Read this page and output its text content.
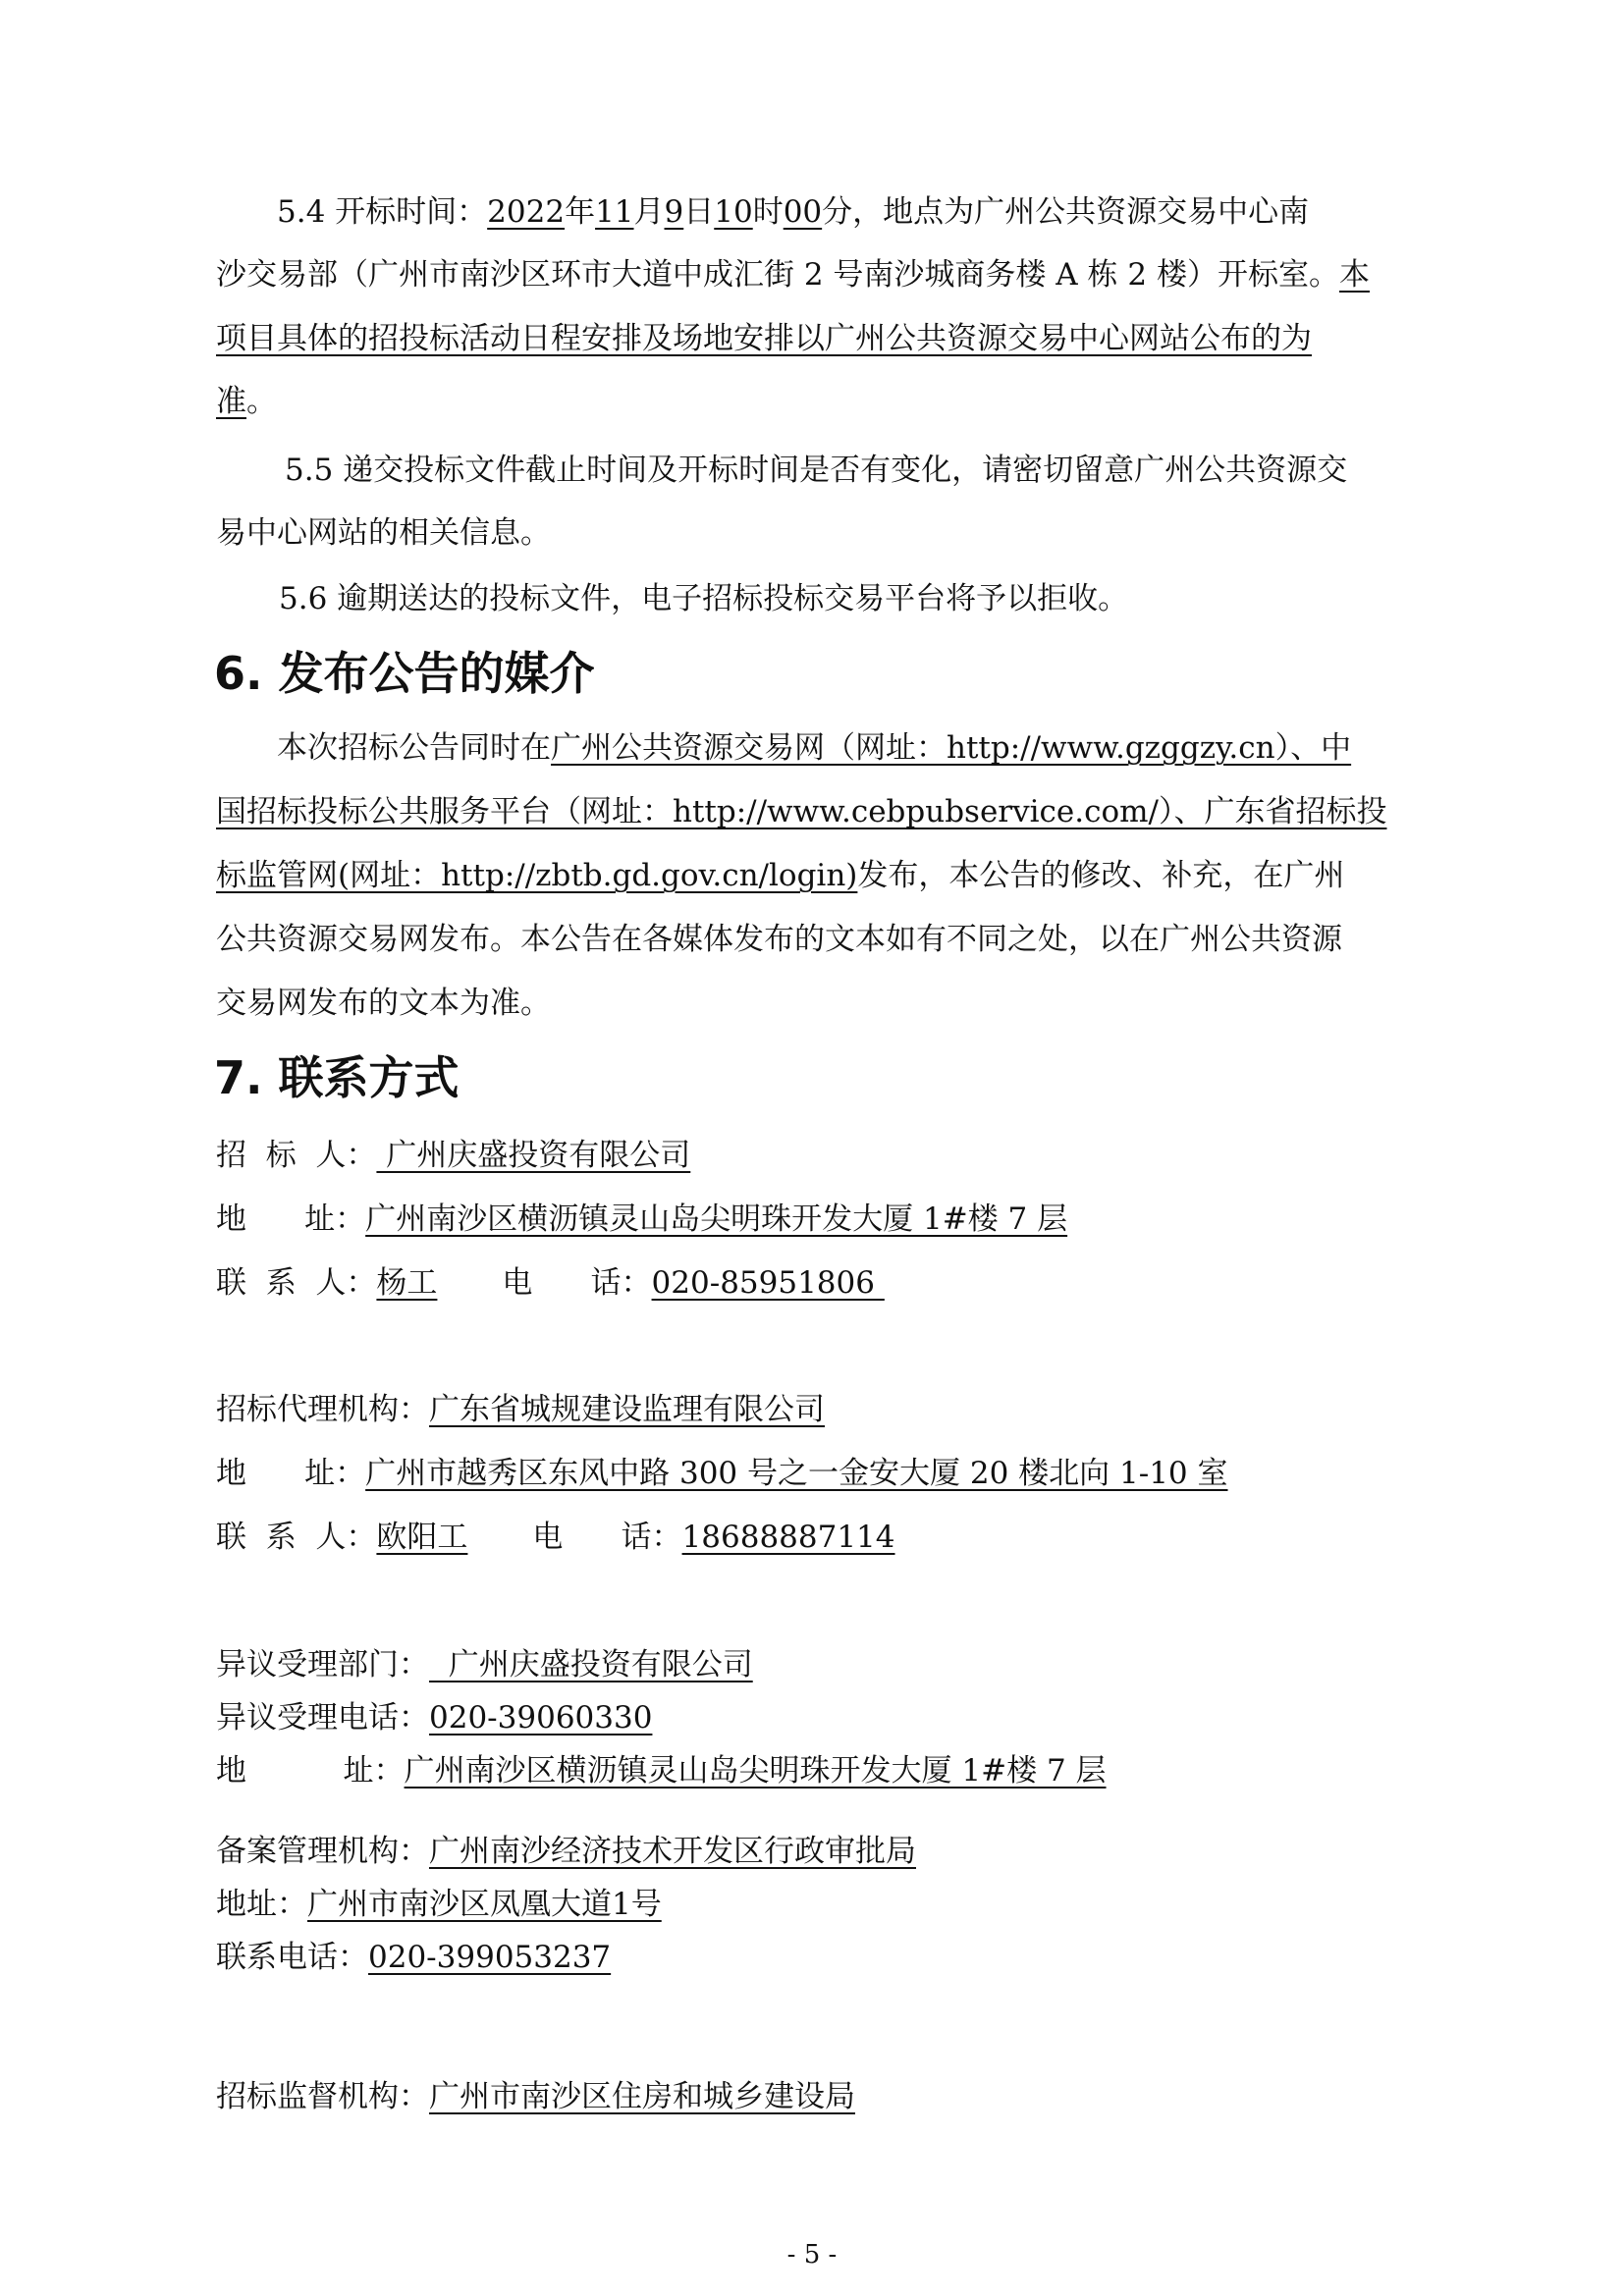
5.4 开标时间：2022年11月9日10时00分，地点为广州公共资源交易中心南
沙交易部（广州市南沙区环市大道中成汇街 2 号南沙城商务楼 A 栋 2 楼）开标室。本
项目具体的招投标活动日程安排及场地安排以广州公共资源交易中心网站公布的为
准。
5.5 递交投标文件截止时间及开标时间是否有变化，请密切留意广州公共资源交
易中心网站的相关信息。
5.6 逾期送达的投标文件，电子招标投标交易平台将予以拒收。
6. 发布公告的媒介
本次招标公告同时在广州公共资源交易网（网址：http://www.gzggzy.cn）、中
国招标投标公共服务平台（网址：http://www.cebpubservice.com/）、广东省招标投
标监管网(网址：http://zbtb.gd.gov.cn/login)发布，本公告的修改、补充，在广州
公共资源交易网发布。本公告在各媒体发布的文本如有不同之处，以在广州公共资源
交易网发布的文本为准。
7. 联系方式
招  标  人： 广州庆盛投资有限公司
地      址：广州南沙区横沥镇灵山岛尖明珠开发大厦 1#楼 7 层
联  系  人：杨工 电      话：020-85951806
招标代理机构：广东省城规建设监理有限公司
地      址：广州市越秀区东风中路 300 号之一金安大厦 20 楼北向 1-10 室
联  系  人：欧阳工 电      话：18688887114
异议受理部门：  广州庆盛投资有限公司
异议受理电话：020-39060330
地          址：广州南沙区横沥镇灵山岛尖明珠开发大厦 1#楼 7 层
备案管理机构：广州南沙经济技术开发区行政审批局
地址：广州市南沙区凤凰大道1号
联系电话：020-399053237
招标监督机构：广州市南沙区住房和城乡建设局
- 5 -
